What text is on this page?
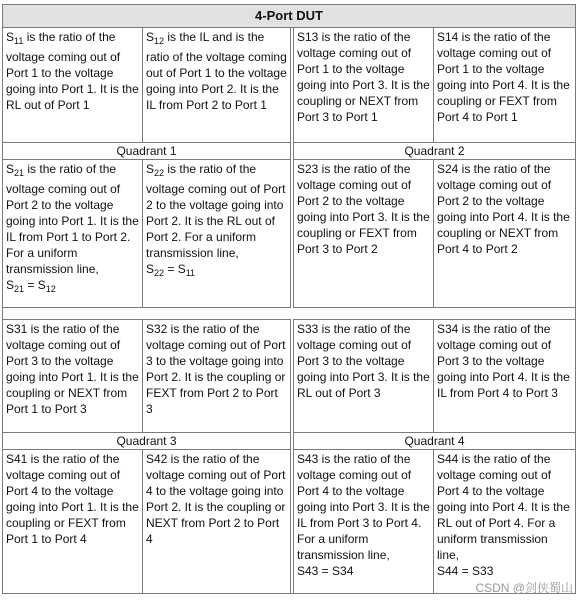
4-Port DUT
$S_{11}$ is the ratio of the voltage coming out of Port 1 to the voltage going into Port 1. It is the RL out of Port 1
$S_{12}$ is the IL and is the ratio of the voltage coming out of Port 1 to the voltage going into Port 2. It is the IL from Port 2 to Port 1
Quadrant 1
$S_{21}$ is the ratio of the voltage coming out of Port 2 to the voltage going into Port 1. It is the IL from Port 1 to Port 2. For a uniform transmission line,
$S_{21} = S_{12}$
$S_{22}$ is the ratio of the voltage coming out of Port 2 to the voltage going into Port 2. It is the RL out of Port 2. For a uniform transmission line,
$S_{22} = S_{11}$
S13 is the ratio of the voltage coming out of Port 1 to the voltage going into Port 3. It is the coupling or NEXT from Port 3 to Port 1
S14 is the ratio of the voltage coming out of Port 1 to the voltage going into Port 4. It is the coupling or FEXT from Port 4 to Port 1
Quadrant 2
S23 is the ratio of the voltage coming out of Port 2 to the voltage going into Port 3. It is the coupling or FEXT from Port 3 to Port 2
S24 is the ratio of the voltage coming out of Port 2 to the voltage going into Port 4. It is the coupling or NEXT from Port 4 to Port 2
S31 is the ratio of the voltage coming out of Port 3 to the voltage going into Port 1. It is the coupling or NEXT from Port 1 to Port 3
S32 is the ratio of the voltage coming out of Port 3 to the voltage going into Port 2. It is the coupling or FEXT from Port 2 to Port 3
Quadrant 3
S41 is the ratio of the voltage coming out of Port 4 to the voltage going into Port 1. It is the coupling or FEXT from Port 1 to Port 4
S42 is the ratio of the voltage coming out of Port 4 to the voltage going into Port 2. It is the coupling or NEXT from Port 2 to Port 4
S33 is the ratio of the voltage coming out of Port 3 to the voltage going into Port 3. It is the RL out of Port 3
S34 is the ratio of the voltage coming out of Port 3 to the voltage going into Port 4. It is the IL from Port 4 to Port 3
Quadrant 4
S43 is the ratio of the voltage coming out of Port 4 to the voltage going into Port 3. It is the IL from Port 3 to Port 4. For a uniform transmission line,
S43 = S34
S44 is the ratio of the voltage coming out of Port 4 to the voltage going into Port 4. It is the RL out of Port 4. For a uniform transmission line,
S44 = S33
CSDN @剑侠蜀山
